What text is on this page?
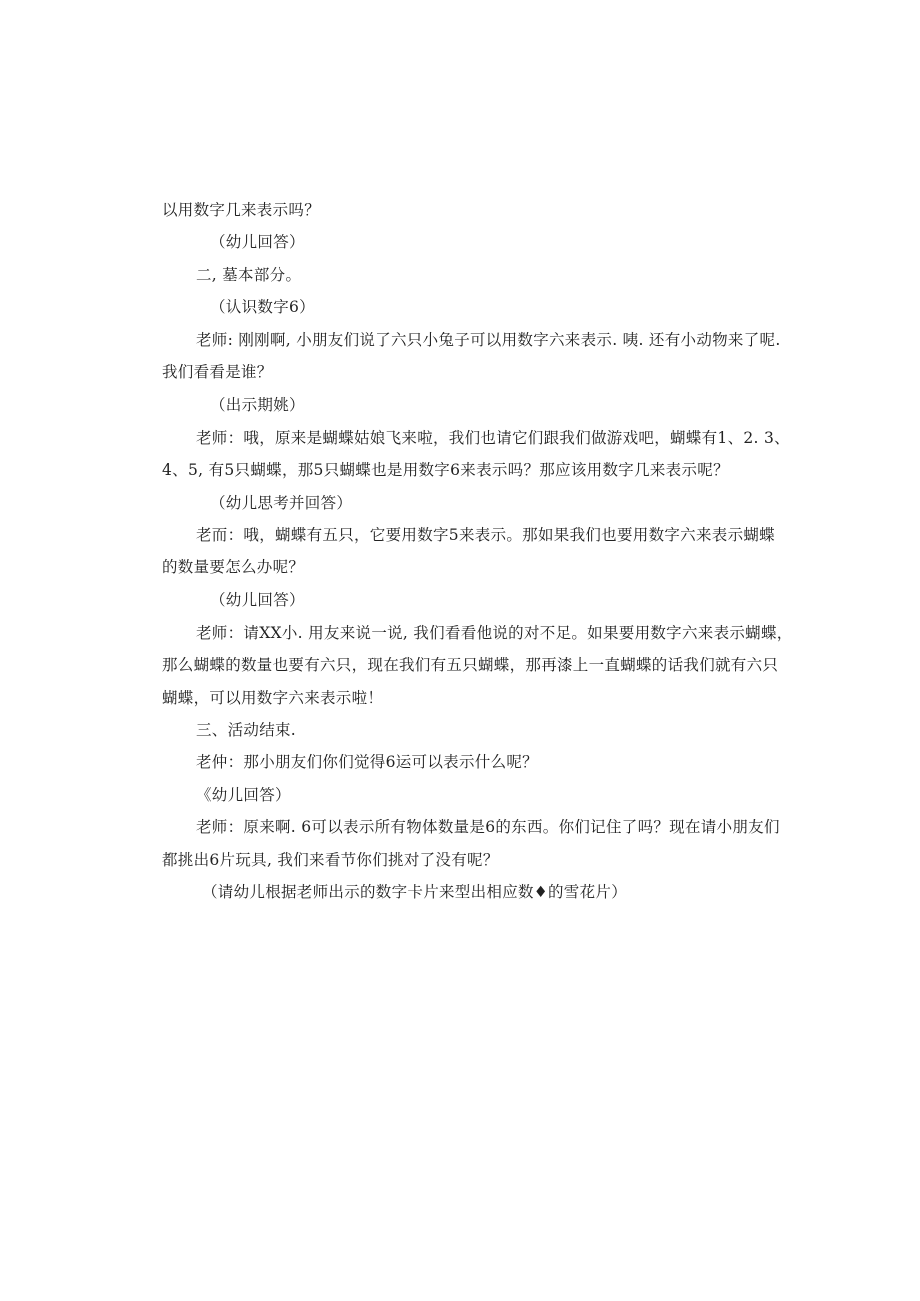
以用数字几来表示吗？
（幼儿回答）
二, 墓本部分。
（认识数字6）
老师: 刚刚啊, 小朋友们说了六只小兔子可以用数字六来表示. 咦. 还有小动物来了呢.
我们看看是谁？
（出示期姚）
老师：哦，原来是蝴蝶姑娘飞来啦，我们也请它们跟我们做游戏吧，蝴蝶有1、2. 3、
4、5, 有5只蝴蝶，那5只蝴蝶也是用数字6来表示吗？那应该用数字几来表示呢？
（幼儿思考并回答）
老而：哦，蝴蝶有五只，它要用数字5来表示。那如果我们也要用数字六来表示蝴蝶
的数量要怎么办呢？
（幼儿回答）
老师：请XX小. 用友来说一说, 我们看看他说的对不足。如果要用数字六来表示蝴蝶，
那么蝴蝶的数量也要有六只，现在我们有五只蝴蝶，那再漆上一直蝴蝶的话我们就有六只
蝴蝶，可以用数字六来表示啦！
三、活动结束.
老仲：那小朋友们你们觉得6运可以表示什么呢？
《幼儿回答）
老师：原来啊. 6可以表示所有物体数量是6的东西。你们记住了吗？现在请小朋友们
都挑出6片玩具, 我们来看节你们挑对了没有呢？
（请幼儿根据老师出示的数字卡片来型出相应数♦的雪花片）
